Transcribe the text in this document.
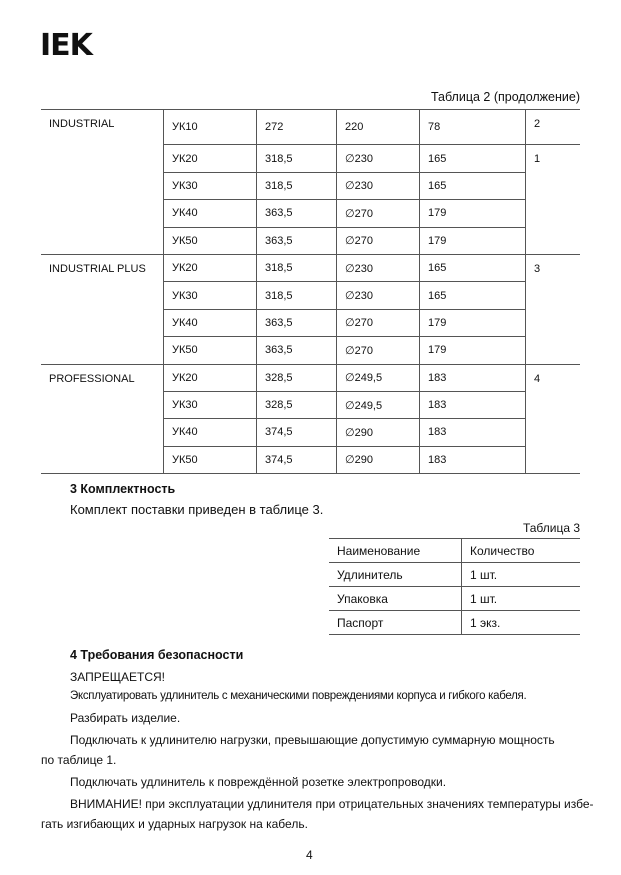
IEK
Таблица 2 (продолжение)
INDUSTRIAL	УК10	272	220	78	2
	УК20	318,5	∅230	165	1
	УК30	318,5	∅230	165	
	УК40	363,5	∅270	179	
	УК50	363,5	∅270	179	
INDUSTRIAL PLUS	УК20	318,5	∅230	165	3
	УК30	318,5	∅230	165	
	УК40	363,5	∅270	179	
	УК50	363,5	∅270	179	
PROFESSIONAL	УК20	328,5	∅249,5	183	4
	УК30	328,5	∅249,5	183	
	УК40	374,5	∅290	183	
	УК50	374,5	∅290	183	
3 Комплектность
Комплект поставки приведен в таблице 3.
Таблица 3
Наименование	Количество
Удлинитель	1 шт.
Упаковка	1 шт.
Паспорт	1 экз.
4 Требования безопасности
ЗАПРЕЩАЕТСЯ!
Эксплуатировать удлинитель с механическими повреждениями корпуса и гибкого кабеля.
Разбирать изделие.
Подключать к удлинителю нагрузки, превышающие допустимую суммарную мощность
по таблице 1.
Подключать удлинитель к повреждённой розетке электропроводки.
ВНИМАНИЕ! при эксплуатации удлинителя при отрицательных значениях температуры избе-
гать изгибающих и ударных нагрузок на кабель.
4
